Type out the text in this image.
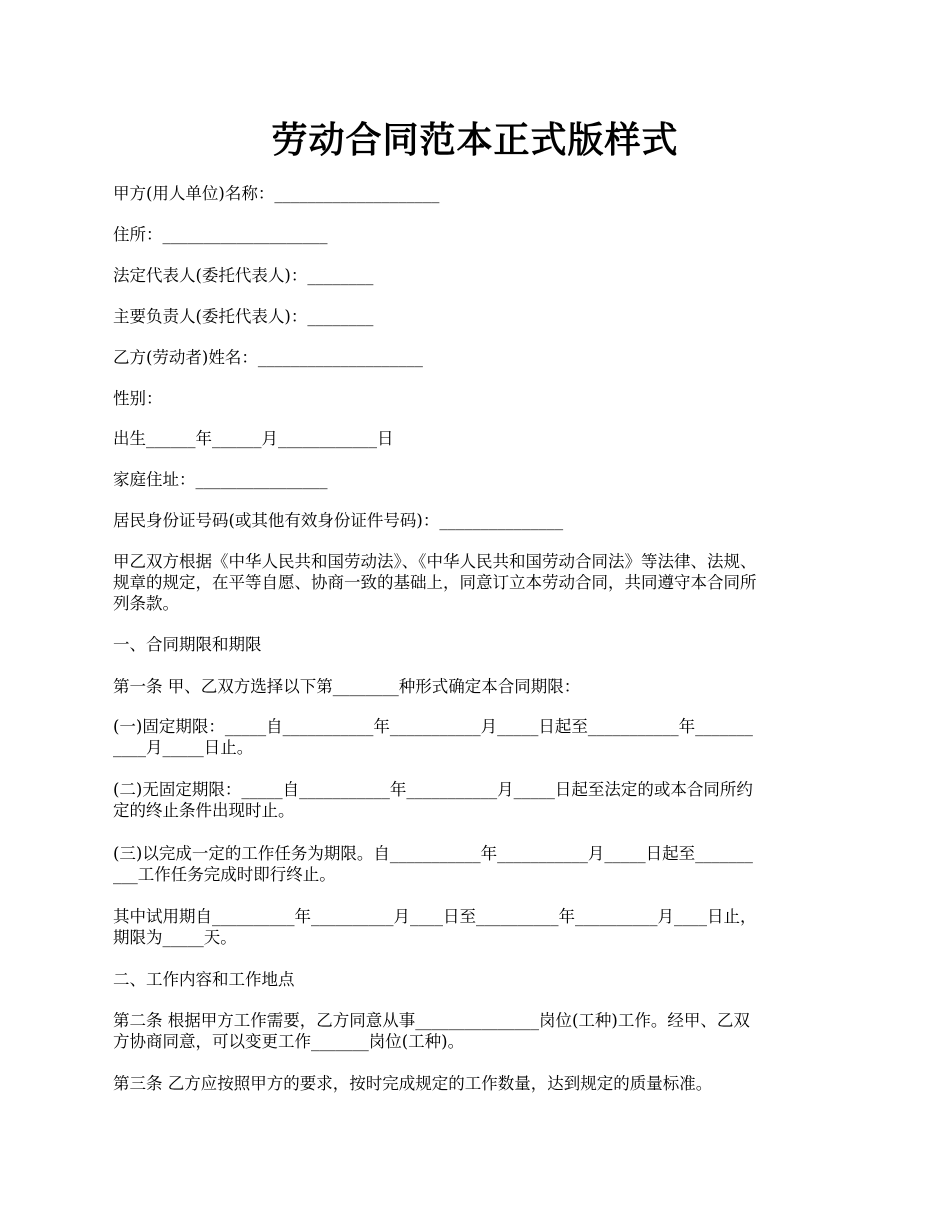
劳动合同范本正式版样式

甲方(用人单位)名称：____________________

住所：____________________

法定代表人(委托代表人)：________

主要负责人(委托代表人)：________

乙方(劳动者)姓名：____________________

性别：

出生______年______月____________日

家庭住址：________________

居民身份证号码(或其他有效身份证件号码)：_______________

甲乙双方根据《中华人民共和国劳动法》、《中华人民共和国劳动合同法》等法律、法规、
规章的规定，在平等自愿、协商一致的基础上，同意订立本劳动合同，共同遵守本合同所
列条款。

一、合同期限和期限

第一条 甲、乙双方选择以下第________种形式确定本合同期限：

(一)固定期限：_____自___________年___________月_____日起至___________年_______
____月_____日止。

(二)无固定期限：_____自___________年___________月_____日起至法定的或本合同所约
定的终止条件出现时止。

(三)以完成一定的工作任务为期限。自___________年___________月_____日起至_______
___工作任务完成时即行终止。

其中试用期自__________年__________月____日至__________年__________月____日止，
期限为_____天。

二、工作内容和工作地点

第二条 根据甲方工作需要，乙方同意从事_______________岗位(工种)工作。经甲、乙双
方协商同意，可以变更工作_______岗位(工种)。

第三条 乙方应按照甲方的要求，按时完成规定的工作数量，达到规定的质量标准。
